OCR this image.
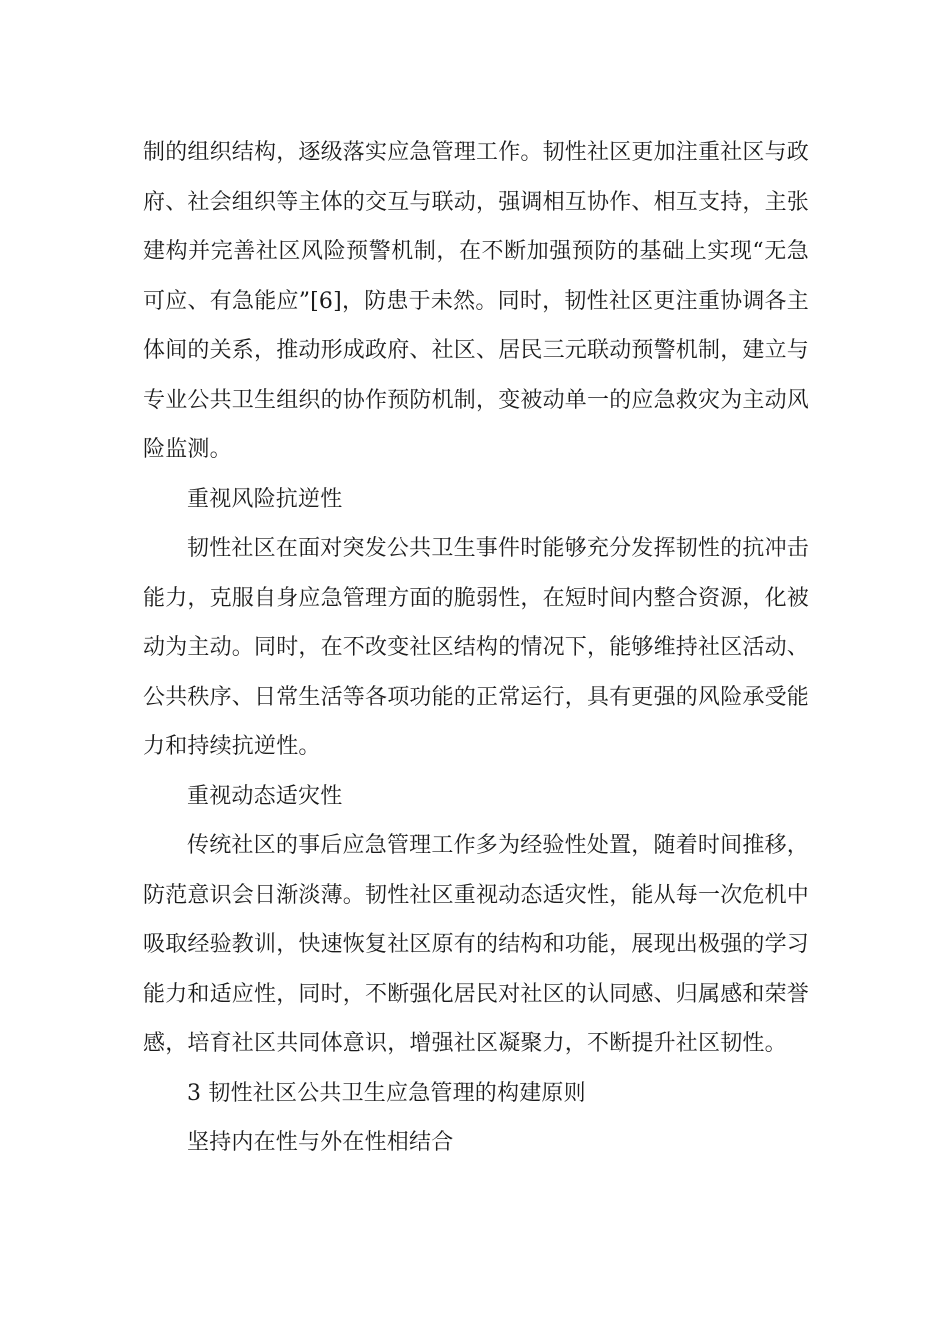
制的组织结构，逐级落实应急管理工作。韧性社区更加注重社区与政府、社会组织等主体的交互与联动，强调相互协作、相互支持，主张建构并完善社区风险预警机制，在不断加强预防的基础上实现“无急可应、有急能应”[6]，防患于未然。同时，韧性社区更注重协调各主体间的关系，推动形成政府、社区、居民三元联动预警机制，建立与专业公共卫生组织的协作预防机制，变被动单一的应急救灾为主动风险监测。

重视风险抗逆性

韧性社区在面对突发公共卫生事件时能够充分发挥韧性的抗冲击能力，克服自身应急管理方面的脆弱性，在短时间内整合资源，化被动为主动。同时，在不改变社区结构的情况下，能够维持社区活动、公共秩序、日常生活等各项功能的正常运行，具有更强的风险承受能力和持续抗逆性。

重视动态适灾性

传统社区的事后应急管理工作多为经验性处置，随着时间推移，防范意识会日渐淡薄。韧性社区重视动态适灾性，能从每一次危机中吸取经验教训，快速恢复社区原有的结构和功能，展现出极强的学习能力和适应性，同时，不断强化居民对社区的认同感、归属感和荣誉感，培育社区共同体意识，增强社区凝聚力，不断提升社区韧性。

3 韧性社区公共卫生应急管理的构建原则

坚持内在性与外在性相结合
